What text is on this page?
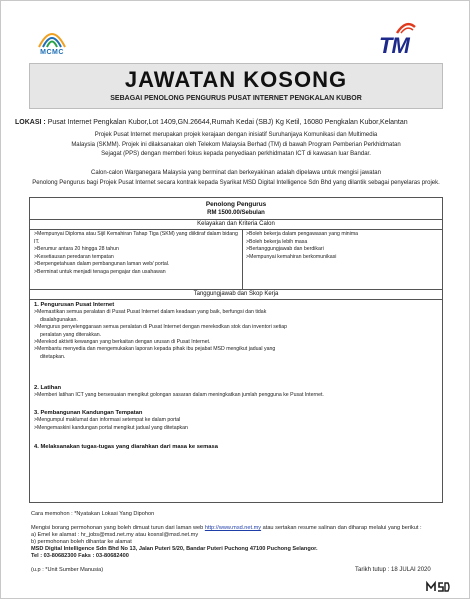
MCMC	TM
JAWATAN KOSONG
SEBAGAI PENOLONG PENGURUS PUSAT INTERNET PENGKALAN KUBOR
LOKASI : Pusat Internet Pengkalan Kubor,Lot 1409,GN.26644,Rumah Kedai (SBJ) Kg Ketil, 16080 Pengkalan Kubor,Kelantan
Projek Pusat Internet merupakan projek kerajaan dengan inisiatif Suruhanjaya Komunikasi dan Multimedia
Malaysia (SKMM). Projek ini dilaksanakan oleh Telekom Malaysia Berhad (TM) di bawah Program Pemberian Perkhidmatan
Sejagat (PPS) dengan memberi fokus kepada penyediaan perkhidmatan ICT di kawasan luar Bandar.
Calon-calon Warganegara Malaysia yang berminat dan berkeyakinan adalah dipelawa untuk mengisi jawatan
Penolong Pengurus bagi Projek Pusat Internet secara kontrak kepada Syarikat MSD Digital Intelligence Sdn Bhd yang dilantik sebagai penyelaras projek.
Penolong Pengurus
RM 1500.00/Sebulan
Kelayakan dan Kriteria Calon
>Mempunyai Diploma atau Sijil Kemahiran Tahap Tiga (SKM) yang diiktiraf dalam bidang
IT.
>Berumur antara 20 hingga 28 tahun
>Kesetiausan peredaran tempatan
>Berpengetahuan dalam pembangunan laman web/ portal.
>Berminat untuk menjadi tenaga pengajar dan usahawan
>Boleh bekerja dalam pengawasan yang minima
>Boleh bekerja lebih masa
>Bertanggungjawab dan berdikari
>Mempunyai kemahiran berkomunikasi
Tanggungjawab dan Skop Kerja
1. Pengurusan Pusat Internet
>Memastikan semua peralatan di Pusat Pusat Internet dalam keadaan yang baik, berfungsi dan tidak
disalahgunakan.
>Mengurus penyelenggaraan semua peralatan di Pusat Internet dengan merekodkan stok dan inventori setiap
peralatan yang diterakkan.
>Merekod aktiviti kewangan yang berkaitan dengan urusan di Pusat Internet.
>Membantu menyedia dan mengemukakan laporan kepada pihak ibu pejabat MSD mengikut jadual yang
ditetapkan.
2. Latihan
>Memberi latihan ICT yang bersesuaian mengikut golongan sasaran dalam meningkatkan jumlah pengguna ke Pusat Internet.
3. Pembangunan Kandungan Tempatan
>Mengumpul maklumat dan informasi setempat ke dalam portal
>Mengemaskini kandungan portal mengikut jadual yang ditetapkan
4. Melaksanakan tugas-tugas yang diarahkan dari masa ke semasa
Cara memohon : *Nyatakan Lokasi Yang Dipohon
Mengisi borang permohonan yang boleh dimuat turun dari laman web http://www.msd.net.my atau sertakan resume salinan dan diharap melalui yang berikut :
a) Emel ke alamat : hr_jobs@msd.net.my atau kosnsl@msd.net.my
b) permohonan boleh dihantar ke alamat
MSD Digital Intelligence Sdn Bhd No 13, Jalan Puteri 5/20, Bandar Puteri Puchong 47100 Puchong Selangor.
Tel : 03-80682300 Faks : 03-80682400
(u.p : *Unit Sumber Manusia)	Tarikh tutup : 18 JULAI 2020
